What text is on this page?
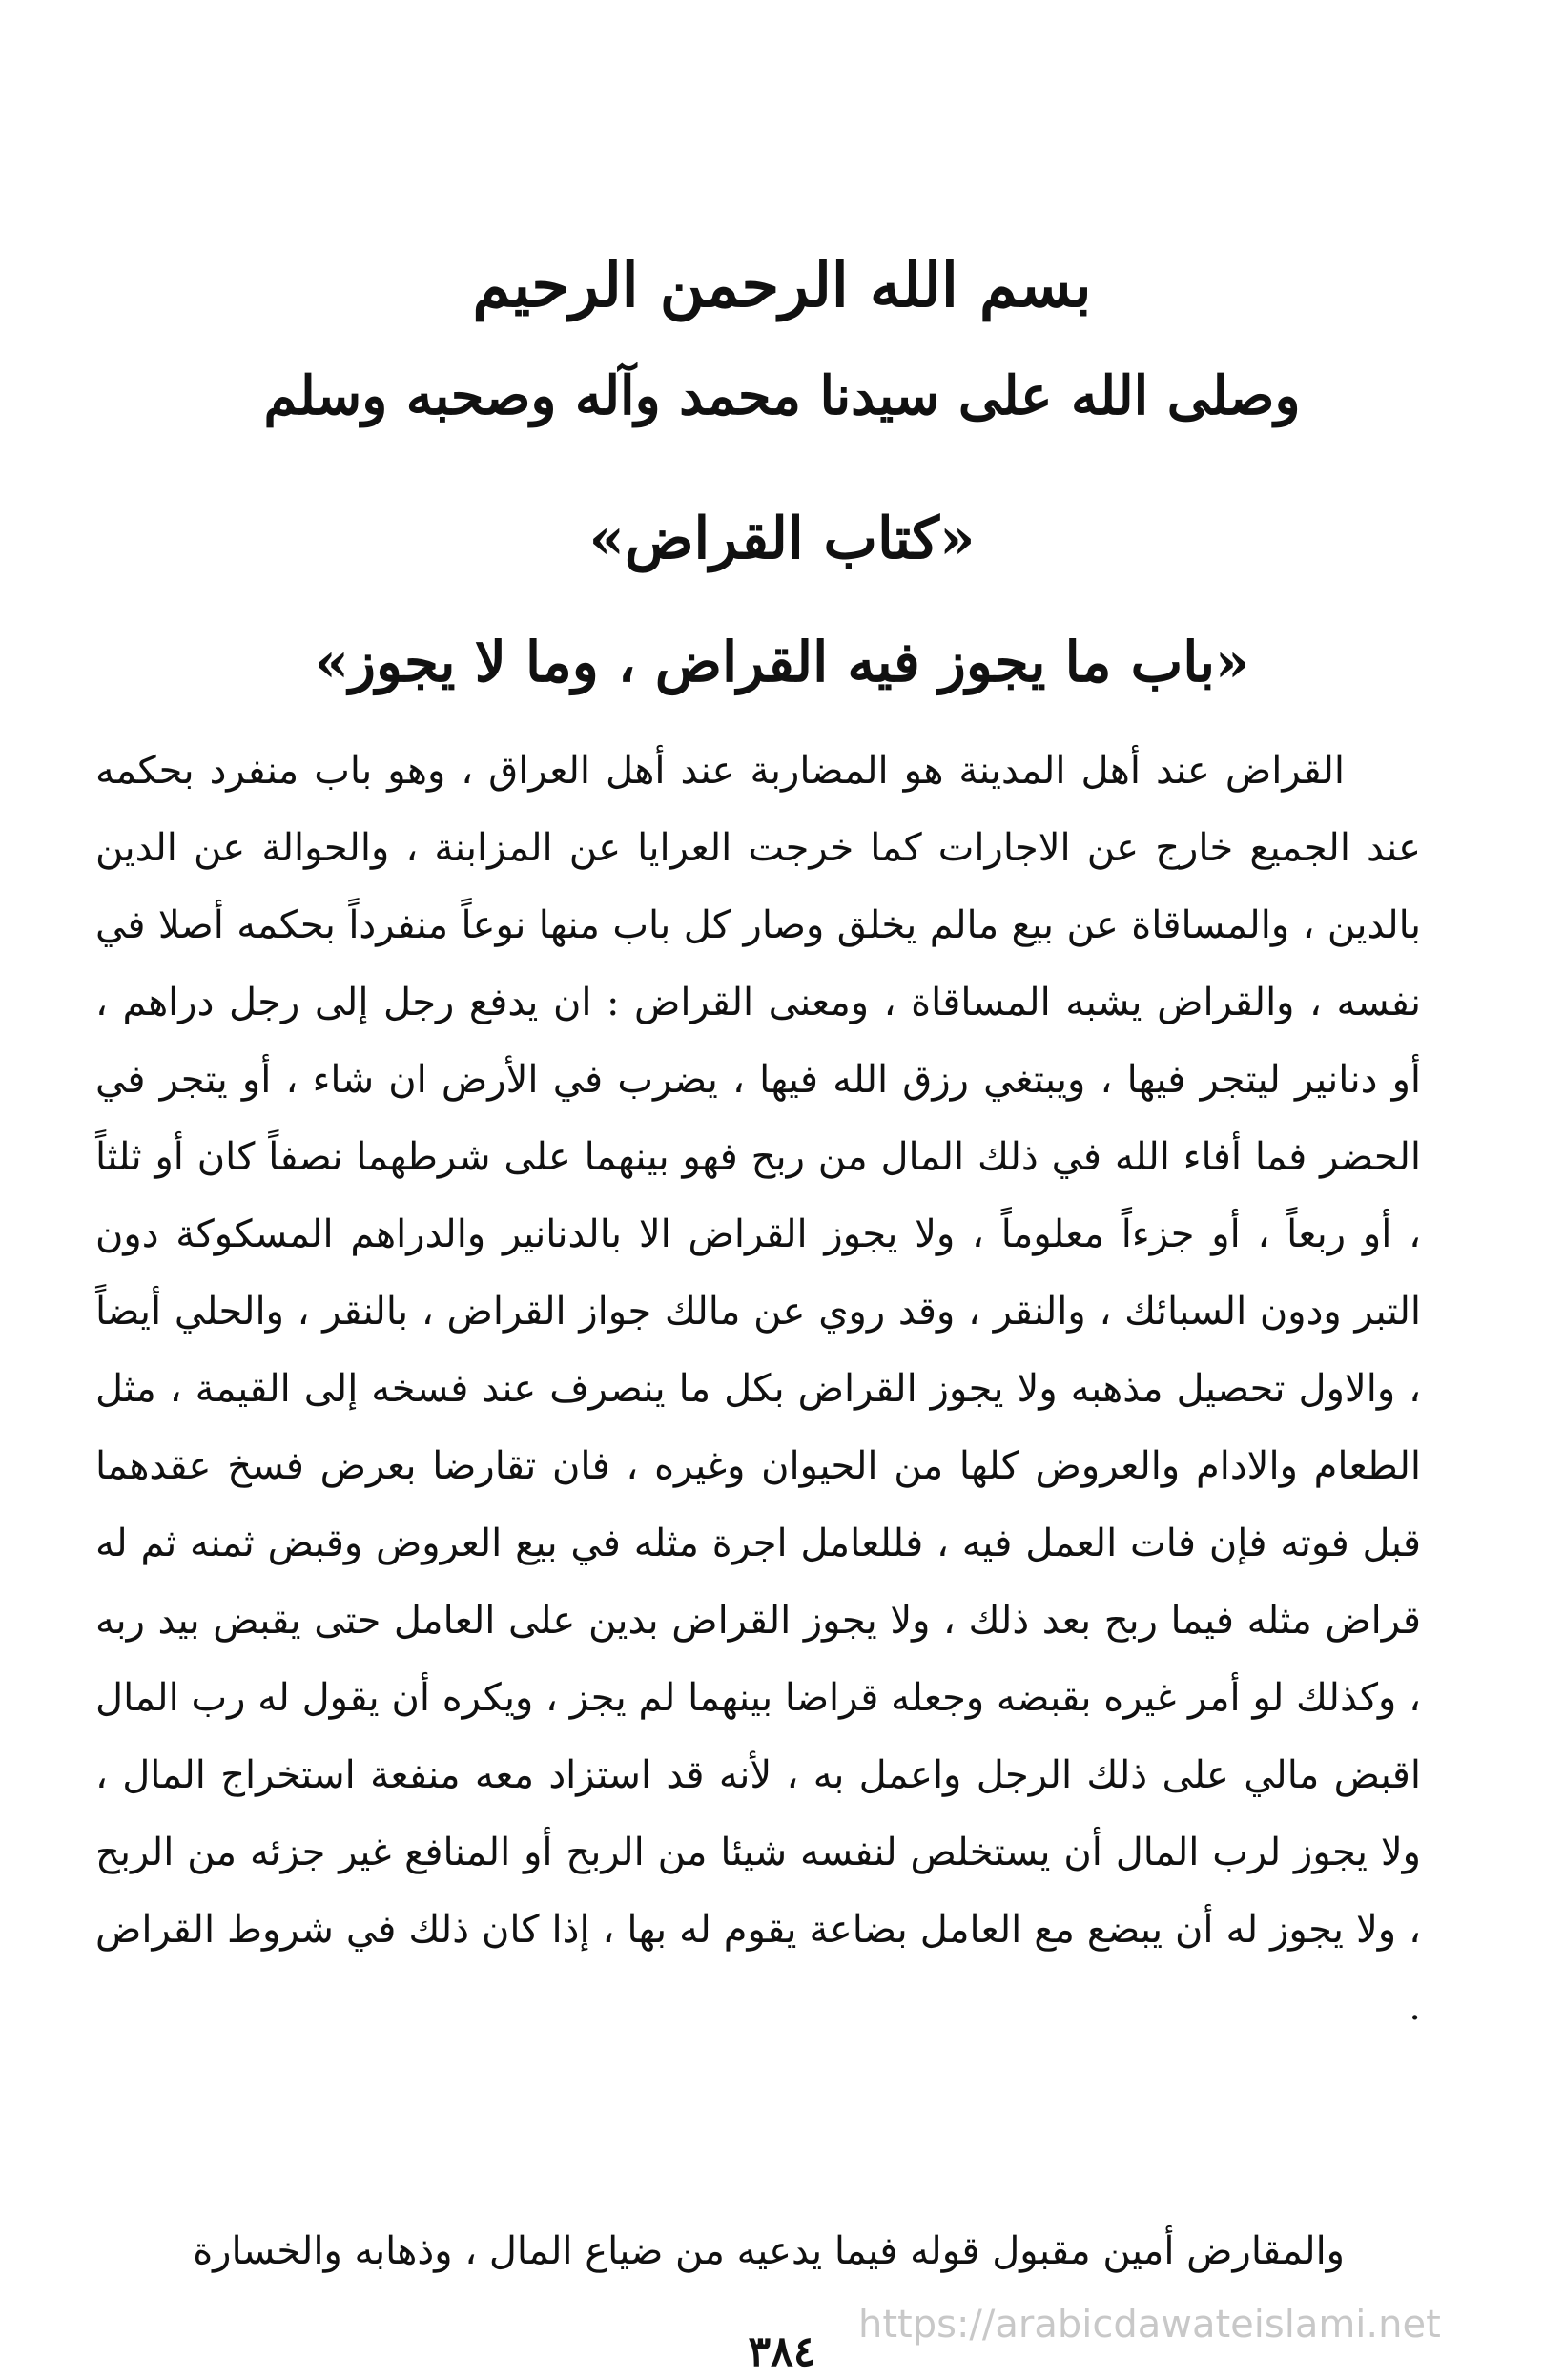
بسم الله الرحمن الرحيم
وصلى الله على سيدنا محمد وآله وصحبه وسلم
«كتاب القراض»
«باب ما يجوز فيه القراض ، وما لا يجوز»

القراض عند أهل المدينة هو المضاربة عند أهل العراق ، وهو باب منفرد بحكمه عند الجميع خارج عن الاجارات كما خرجت العرايا عن المزابنة ، والحوالة عن الدين بالدين ، والمساقاة عن بيع مالم يخلق وصار كل باب منها نوعاً منفرداً بحكمه أصلا في نفسه ، والقراض يشبه المساقاة ، ومعنى القراض : ان يدفع رجل إلى رجل دراهم ، أو دنانير ليتجر فيها ، ويبتغي رزق الله فيها ، يضرب في الأرض ان شاء ، أو يتجر في الحضر فما أفاء الله في ذلك المال من ربح فهو بينهما على شرطهما نصفاً كان أو ثلثاً ، أو ربعاً ، أو جزءاً معلوماً ، ولا يجوز القراض الا بالدنانير والدراهم المسكوكة دون التبر ودون السبائك ، والنقر ، وقد روي عن مالك جواز القراض ، بالنقر ، والحلي أيضاً ، والاول تحصيل مذهبه ولا يجوز القراض بكل ما ينصرف عند فسخه إلى القيمة ، مثل الطعام والادام والعروض كلها من الحيوان وغيره ، فان تقارضا بعرض فسخ عقدهما قبل فوته فإن فات العمل فيه ، فللعامل اجرة مثله في بيع العروض وقبض ثمنه ثم له قراض مثله فيما ربح بعد ذلك ، ولا يجوز القراض بدين على العامل حتى يقبض بيد ربه ، وكذلك لو أمر غيره بقبضه وجعله قراضا بينهما لم يجز ، ويكره أن يقول له رب المال اقبض مالي على ذلك الرجل واعمل به ، لأنه قد استزاد معه منفعة استخراج المال ، ولا يجوز لرب المال أن يستخلص لنفسه شيئا من الربح أو المنافع غير جزئه من الربح ، ولا يجوز له أن يبضع مع العامل بضاعة يقوم له بها ، إذا كان ذلك في شروط القراض .

والمقارض أمين مقبول قوله فيما يدعيه من ضياع المال ، وذهابه والخسارة
https://arabicdawateislami.net
٣٨٤
